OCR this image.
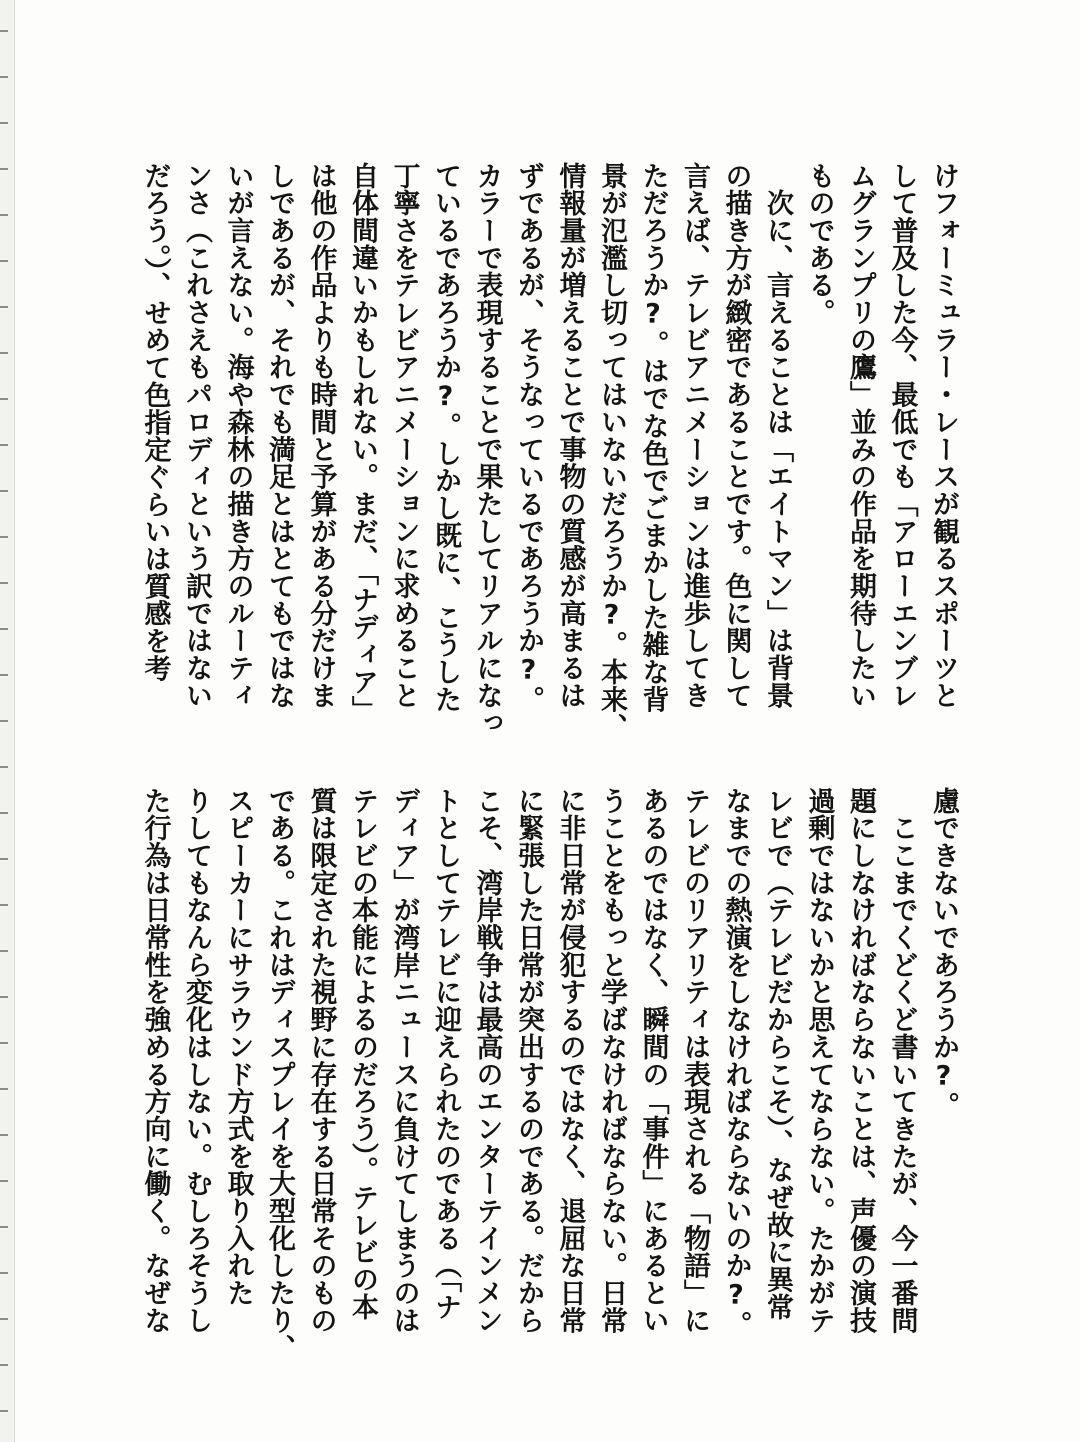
けフォーミュラー・レースが観るスポーツと
して普及した今、最低でも「アローエンブレ
ムグランプリの鷹」並みの作品を期待したい
ものである。
　次に、言えることは「エイトマン」は背景
の描き方が緻密であることです。色に関して
言えば、テレビアニメーションは進歩してき
ただろうか?。はでな色でごまかした雑な背
景が氾濫し切ってはいないだろうか?。本来、
情報量が増えることで事物の質感が高まるは
ずであるが、そうなっているであろうか?。
カラーで表現することで果たしてリアルになっ
ているであろうか?。しかし既に、こうした
丁寧さをテレビアニメーションに求めること
自体間違いかもしれない。まだ、「ナディア」
は他の作品よりも時間と予算がある分だけま
しであるが、それでも満足とはとてもではな
いが言えない。海や森林の描き方のルーティ
ンさ（これさえもパロディという訳ではない
だろう。）、せめて色指定ぐらいは質感を考
慮できないであろうか?。
　ここまでくどくど書いてきたが、今一番問
題にしなければならないことは、声優の演技
過剰ではないかと思えてならない。たかがテ
レビで（テレビだからこそ）、なぜ故に異常
なまでの熱演をしなければならないのか?。
テレビのリアリティは表現される「物語」に
あるのではなく、瞬間の「事件」にあるとい
うことをもっと学ばなければならない。日常
に非日常が侵犯するのではなく、退屈な日常
に緊張した日常が突出するのである。だから
こそ、湾岸戦争は最高のエンターテインメン
トとしてテレビに迎えられたのである（「ナ
ディア」が湾岸ニュースに負けてしまうのは
テレビの本能によるのだろう）。テレビの本
質は限定された視野に存在する日常そのもの
である。これはディスプレイを大型化したり、
スピーカーにサラウンド方式を取り入れた
りしてもなんら変化はしない。むしろそうし
た行為は日常性を強める方向に働く。なぜな
